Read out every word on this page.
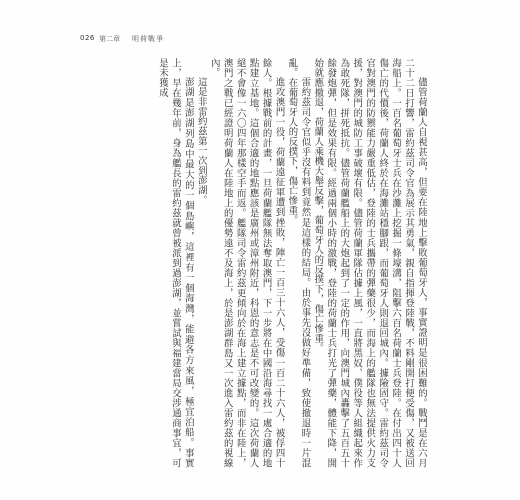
026 第二章 明荷戰爭

儘管荷蘭人自視甚高，但要在陸地上擊敗葡萄牙人，事實證明是很困難的。戰鬥是在六月二十二日打響，雷約茲司令官為展示其勇氣，親自指揮登陸戰，不料剛開打便受傷，又被送回海船上。一百名葡萄牙士兵在沙灘上挖掘一條壕溝，阻擊六百名荷蘭士兵登陸。在付出四十人傷亡的代價後，荷蘭人終於在海灘站穩腳跟，而葡萄牙人則退回城內。據險固守。雷約茲司令官對澳門的防禦能力嚴重低估，登陸的士兵攜帶的彈藥很少，而海上的艦隊也無法提供火力支援，對澳門的城防工事破壞有限。儘管荷蘭軍隊佔據上風，一直將黑奴、僕役等人組織起來作為敢死隊，拼死抵抗。儘管荷蘭艦船上的大炮起到了一定的作用，向澳門城內轟擊了五百五十餘發炮彈，但是效果有限。經過兩個小時的激戰，登陸的荷蘭士兵打光了彈藥，體能下降，開始就應撤退，荷蘭人乘機大舉反擊，葡萄牙人的反撲下，傷亡慘重。

雷約茲司令官似乎沒有料到竟然是這樣的結局。由於事先沒做好準備，致使撤退時一片混亂。在葡萄牙人的反撲下，傷亡慘重。

進攻澳門一役，荷蘭遠征軍遭到挫敗，陣亡一百三十六人，受傷一百二十六人，被俘四十餘人。根據戰前的計畫，一旦荷蘭艦隊無法奪取澳門，下一步將在中國沿海尋找一處合適的地點建立基地。這個合適的地點應該是廣州或漳州附近，科恩的意志是不可改變的。這次荷蘭人絕不會像一六〇四年那樣空手而返。艦隊司令雷約茲更傾向於在海上建立據點，而非在陸上，澳門之戰已經證明荷蘭人在陸地上的優勢遠不及海上，於是澎湖群島又一次進入雷約茲的視線內。

這是非雷約茲第一次到澎湖。

澎湖是澎湖列島中最大的一個島嶼，這裡有一個海灣，能避各方來風，極宜泊船。事實上，早在幾年前，身為艦長的雷約茲就曾被派到過澎湖，並嘗試與福建當局交涉通商事宜，可是未獲成
